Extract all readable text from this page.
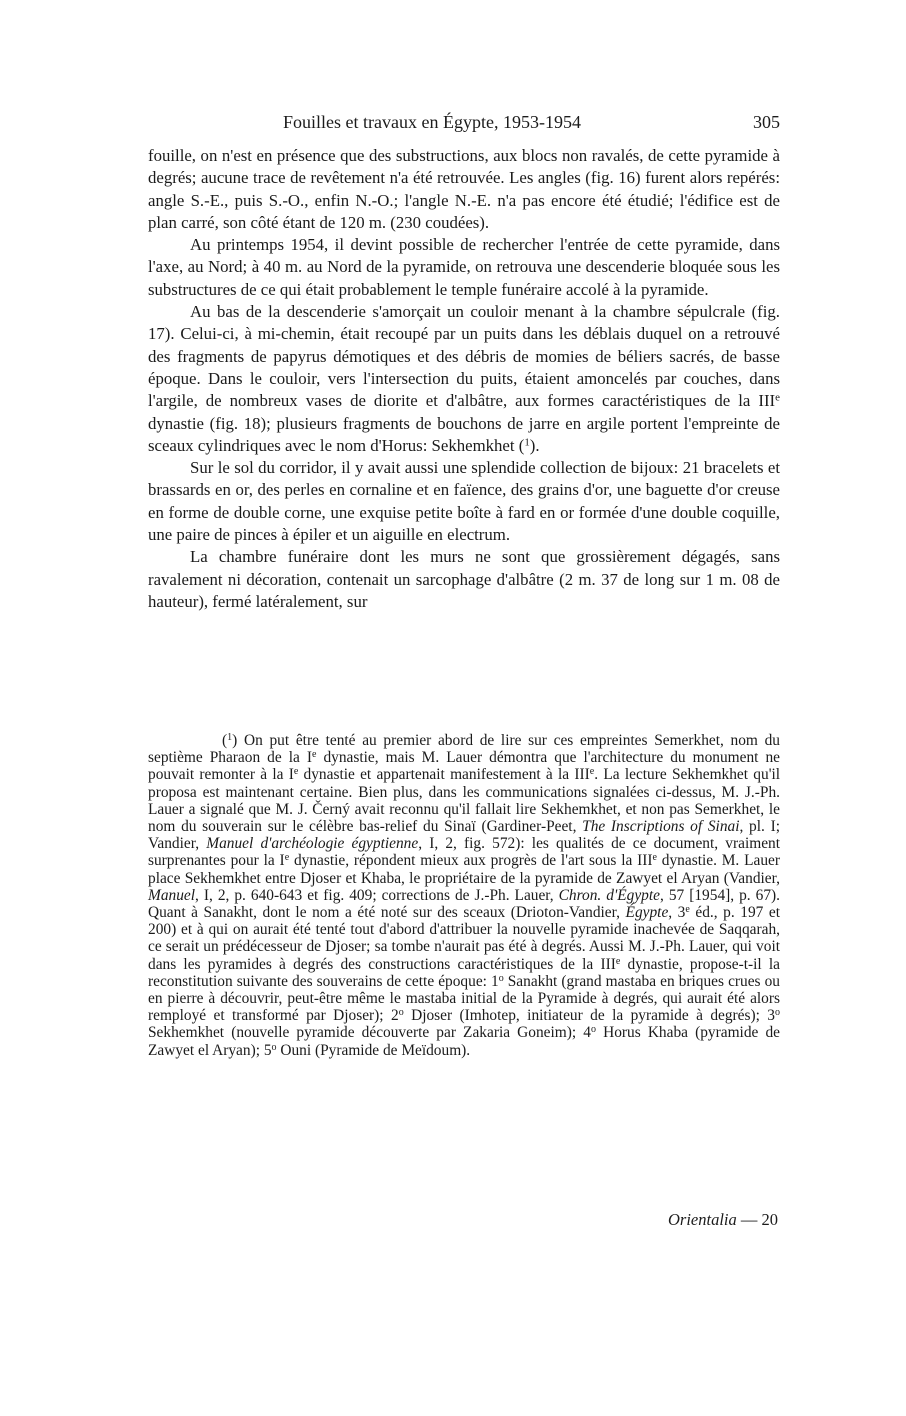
Fouilles et travaux en Égypte, 1953-1954	305

fouille, on n'est en présence que des substructions, aux blocs non ravalés, de cette pyramide à degrés; aucune trace de revêtement n'a été retrouvée. Les angles (fig. 16) furent alors repérés: angle S.-E., puis S.-O., enfin N.-O.; l'angle N.-E. n'a pas encore été étudié; l'édifice est de plan carré, son côté étant de 120 m. (230 coudées).

Au printemps 1954, il devint possible de rechercher l'entrée de cette pyramide, dans l'axe, au Nord; à 40 m. au Nord de la pyramide, on retrouva une descenderie bloquée sous les substructures de ce qui était probablement le temple funéraire accolé à la pyramide.

Au bas de la descenderie s'amorçait un couloir menant à la chambre sépulcrale (fig. 17). Celui-ci, à mi-chemin, était recoupé par un puits dans les déblais duquel on a retrouvé des fragments de papyrus démotiques et des débris de momies de béliers sacrés, de basse époque. Dans le couloir, vers l'intersection du puits, étaient amoncelés par couches, dans l'argile, de nombreux vases de diorite et d'albâtre, aux formes caractéristiques de la IIIe dynastie (fig. 18); plusieurs fragments de bouchons de jarre en argile portent l'empreinte de sceaux cylindriques avec le nom d'Horus: Sekhemkhet ($^1$).

Sur le sol du corridor, il y avait aussi une splendide collection de bijoux: 21 bracelets et brassards en or, des perles en cornaline et en faïence, des grains d'or, une baguette d'or creuse en forme de double corne, une exquise petite boîte à fard en or formée d'une double coquille, une paire de pinces à épiler et un aiguille en electrum.

La chambre funéraire dont les murs ne sont que grossièrement dégagés, sans ravalement ni décoration, contenait un sarcophage d'albâtre (2 m. 37 de long sur 1 m. 08 de hauteur), fermé latéralement, sur

($^1$) On put être tenté au premier abord de lire sur ces empreintes Semerkhet, nom du septième Pharaon de la Ie dynastie, mais M. Lauer démontra que l'architecture du monument ne pouvait remonter à la Ie dynastie et appartenait manifestement à la IIIe. La lecture Sekhemkhet qu'il proposa est maintenant certaine. Bien plus, dans les communications signalées ci-dessus, M. J.-Ph. Lauer a signalé que M. J. Černý avait reconnu qu'il fallait lire Sekhemkhet, et non pas Semerkhet, le nom du souverain sur le célèbre bas-relief du Sinaï (Gardiner-Peet, The Inscriptions of Sinai, pl. I; Vandier, Manuel d'archéologie égyptienne, I, 2, fig. 572): les qualités de ce document, vraiment surprenantes pour la Ie dynastie, répondent mieux aux progrès de l'art sous la IIIe dynastie. M. Lauer place Sekhemkhet entre Djoser et Khaba, le propriétaire de la pyramide de Zawyet el Aryan (Vandier, Manuel, I, 2, p. 640-643 et fig. 409; corrections de J.-Ph. Lauer, Chron. d'Égypte, 57 [1954], p. 67). Quant à Sanakht, dont le nom a été noté sur des sceaux (Drioton-Vandier, Égypte, 3e éd., p. 197 et 200) et à qui on aurait été tenté tout d'abord d'attribuer la nouvelle pyramide inachevée de Saqqarah, ce serait un prédécesseur de Djoser; sa tombe n'aurait pas été à degrés. Aussi M. J.-Ph. Lauer, qui voit dans les pyramides à degrés des constructions caractéristiques de la IIIe dynastie, propose-t-il la reconstitution suivante des souverains de cette époque: 1$^o$ Sanakht (grand mastaba en briques crues ou en pierre à découvrir, peut-être même le mastaba initial de la Pyramide à degrés, qui aurait été alors remployé et transformé par Djoser); 2$^o$ Djoser (Imhotep, initiateur de la pyramide à degrés); 3$^o$ Sekhemkhet (nouvelle pyramide découverte par Zakaria Goneim); 4$^o$ Horus Khaba (pyramide de Zawyet el Aryan); 5$^o$ Ouni (Pyramide de Meïdoum).

Orientalia — 20
